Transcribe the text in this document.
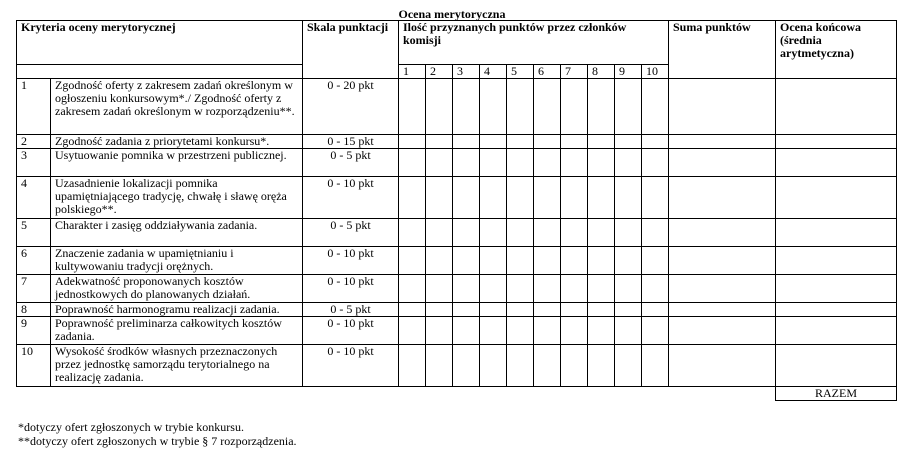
Ocena merytoryczna
Kryteria oceny merytorycznej		Skala punktacji	Ilość przyznanych punktów przez członków komisji										Suma punktów	Ocena końcowa (średnia arytmetyczna)
			1	2	3	4	5	6	7	8	9	10		
1	Zgodność oferty z zakresem zadań określonym w ogłoszeniu konkursowym*./ Zgodność oferty z zakresem zadań określonym w rozporządzeniu**.	0 - 20 pkt												
2	Zgodność zadania z priorytetami konkursu*.	0 - 15 pkt												
3	Usytuowanie pomnika w przestrzeni publicznej.	0 - 5 pkt												
4	Uzasadnienie lokalizacji pomnika upamiętniającego tradycję, chwałę i sławę oręża polskiego**.	0 - 10 pkt												
5	Charakter i zasięg oddziaływania zadania.	0 - 5 pkt												
6	Znaczenie zadania w upamiętnianiu i kultywowaniu tradycji orężnych.	0 - 10 pkt												
7	Adekwatność proponowanych kosztów jednostkowych do planowanych działań.	0 - 10 pkt												
8	Poprawność harmonogramu realizacji zadania.	0 - 5 pkt												
9	Poprawność preliminarza całkowitych kosztów zadania.	0 - 10 pkt												
10	Wysokość środków własnych przeznaczonych przez jednostkę samorządu terytorialnego na realizację zadania.	0 - 10 pkt												
														RAZEM
*dotyczy ofert zgłoszonych w trybie konkursu.
**dotyczy ofert zgłoszonych w trybie § 7 rozporządzenia.
